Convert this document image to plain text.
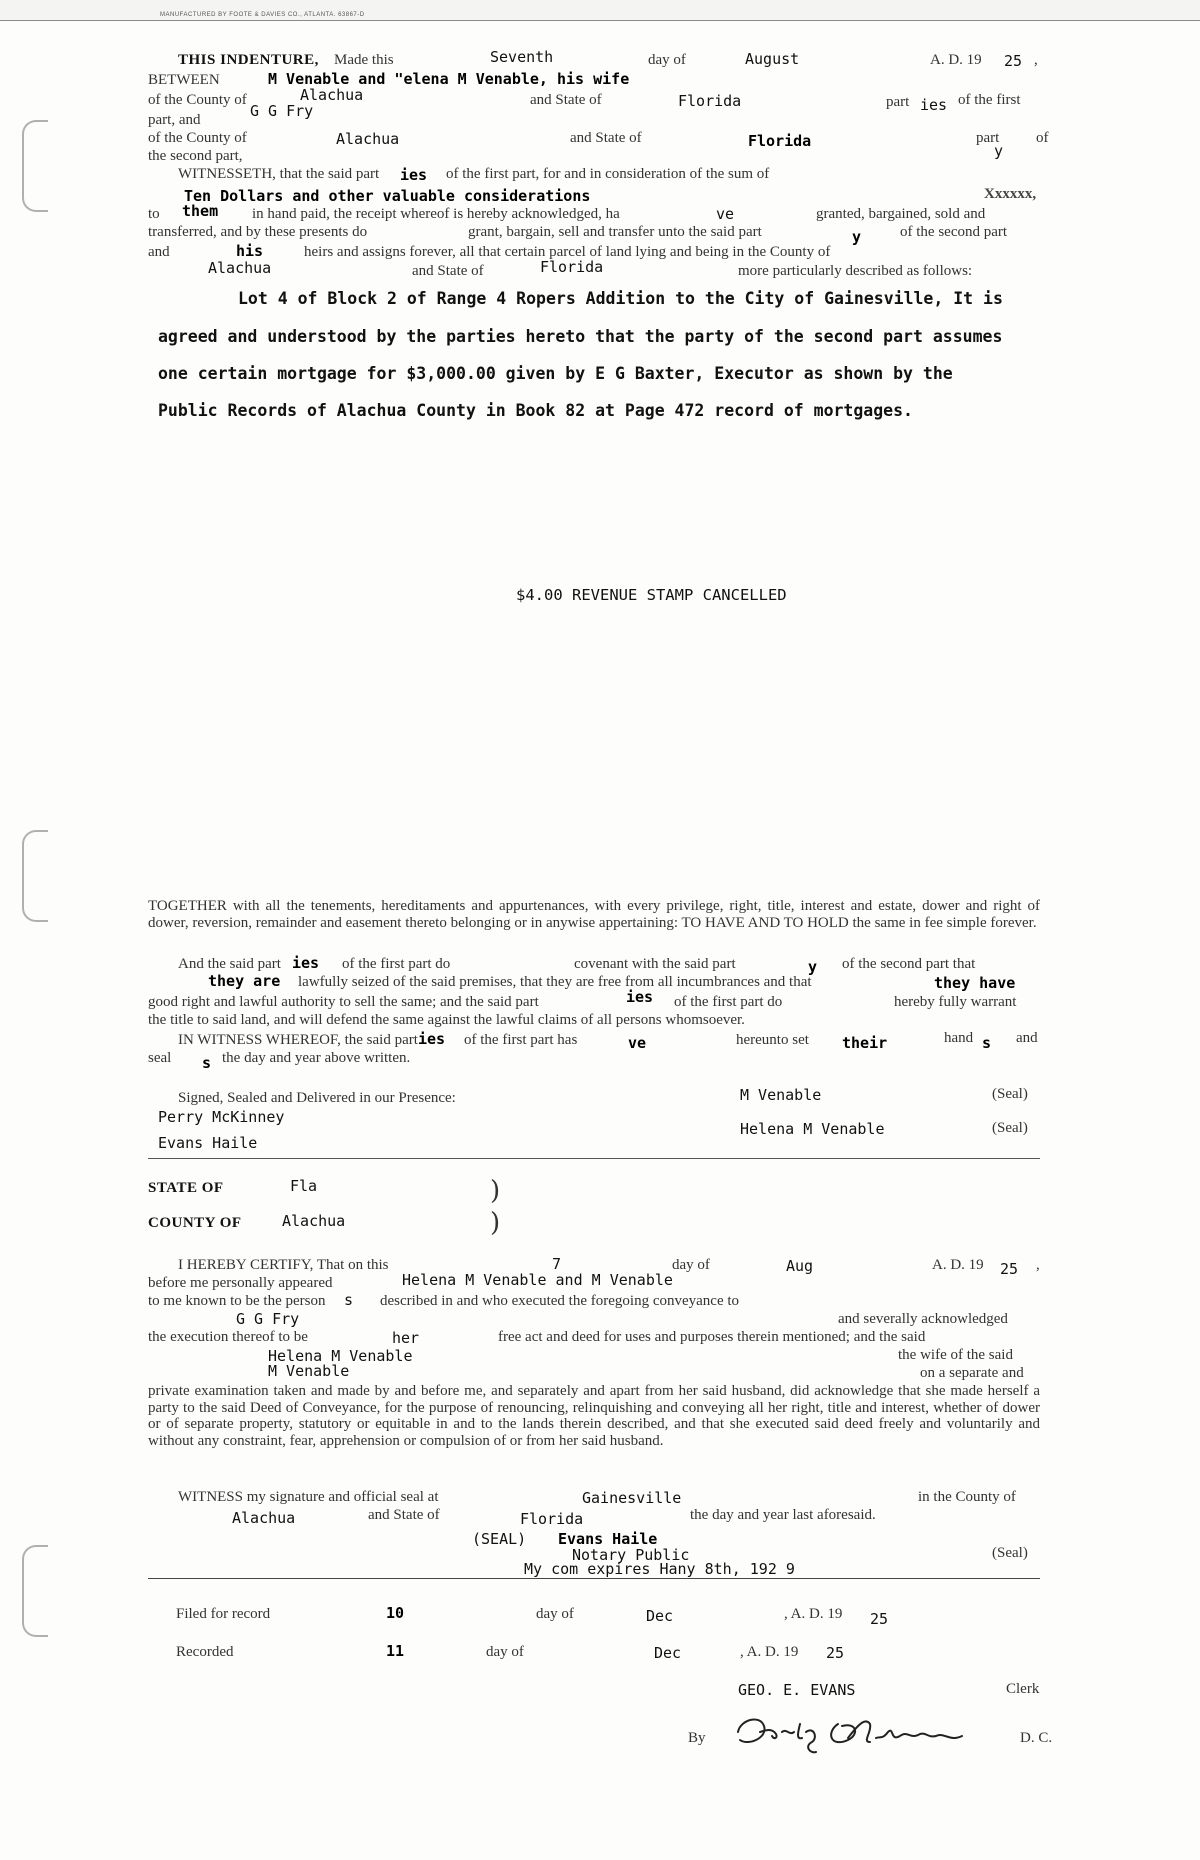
MANUFACTURED BY FOOTE & DAVIES CO., ATLANTA. 63867-D
THIS INDENTURE, Made this	Seventh	day of	August	A. D. 19 25 ,
BETWEEN	M Venable and "elena M Venable, his wife
of the County of	Alachua	and State of	Florida	part ies of the first
part, and	G G Fry
of the County of	Alachua	and State of	Florida	part
y
of
the second part,
WITNESSETH, that the said part ies of the first part, for and in consideration of the sum of
Ten Dollars and other valuable considerations	Xxxxxx,
to them in hand paid, the receipt whereof is hereby acknowledged, ha	ve	granted, bargained, sold and
transferred, and by these presents do	grant, bargain, sell and transfer unto the said part	y	of the second part
and	his	heirs and assigns forever, all that certain parcel of land lying and being in the County of
Alachua	and State of	Florida	more particularly described as follows:
Lot 4 of Block 2 of Range 4 Ropers Addition to the City of Gainesville, It is
agreed and understood by the parties hereto that the party of the second part assumes
one certain mortgage for $3,000.00 given by E G Baxter, Executor as shown by the
Public Records of Alachua County in Book 82 at Page 472 record of mortgages.
$4.00 REVENUE STAMP CANCELLED
TOGETHER with all the tenements, hereditaments and appurtenances, with every privilege, right, title, interest and estate, dower and right of dower, reversion, remainder and easement thereto belonging or in anywise appertaining: TO HAVE AND TO HOLD the same in fee simple forever.
And the said part ies of the first part do	covenant with the said part	y of the second part that
they are lawfully seized of the said premises, that they are free from all incumbrances and that	they have
good right and lawful authority to sell the same; and the said part	ies of the first part do	hereby fully warrant
the title to said land, and will defend the same against the lawful claims of all persons whomsoever.
IN WITNESS WHEREOF, the said part ies of the first part has	ve	hereunto set their	hand s and
seal s the day and year above written.
Signed, Sealed and Delivered in our Presence:
Perry McKinney
Evans Haile
M Venable	(Seal)
Helena M Venable	(Seal)
STATE OF	Fla
COUNTY OF	Alachua
)
)
I HEREBY CERTIFY, That on this	7	day of	Aug	A. D. 19 25 ,
before me personally appeared	Helena M Venable and M Venable
to me known to be the person s described in and who executed the foregoing conveyance to
G G Fry	and severally acknowledged
the execution thereof to be	her	free act and deed for uses and purposes therein mentioned; and the said
Helena M Venable	the wife of the said
M Venable	on a separate and
private examination taken and made by and before me, and separately and apart from her said husband, did acknowledge that she made herself a party to the said Deed of Conveyance, for the purpose of renouncing, relinquishing and conveying all her right, title and interest, whether of dower or of separate property, statutory or equitable in and to the lands therein described, and that she executed said deed freely and voluntarily and without any constraint, fear, apprehension or compulsion of or from her said husband.
WITNESS my signature and official seal at	Gainesville	in the County of
Alachua	and State of	Florida	the day and year last aforesaid.
(SEAL) Evans Haile
Notary Public	(Seal)
My com expires Hany 8th, 192 9
Filed for record	10	day of	Dec	, A. D. 19 25
Recorded	11	day of	Dec	, A. D. 19 25
GEO. E. EVANS	Clerk
By	D. C.
